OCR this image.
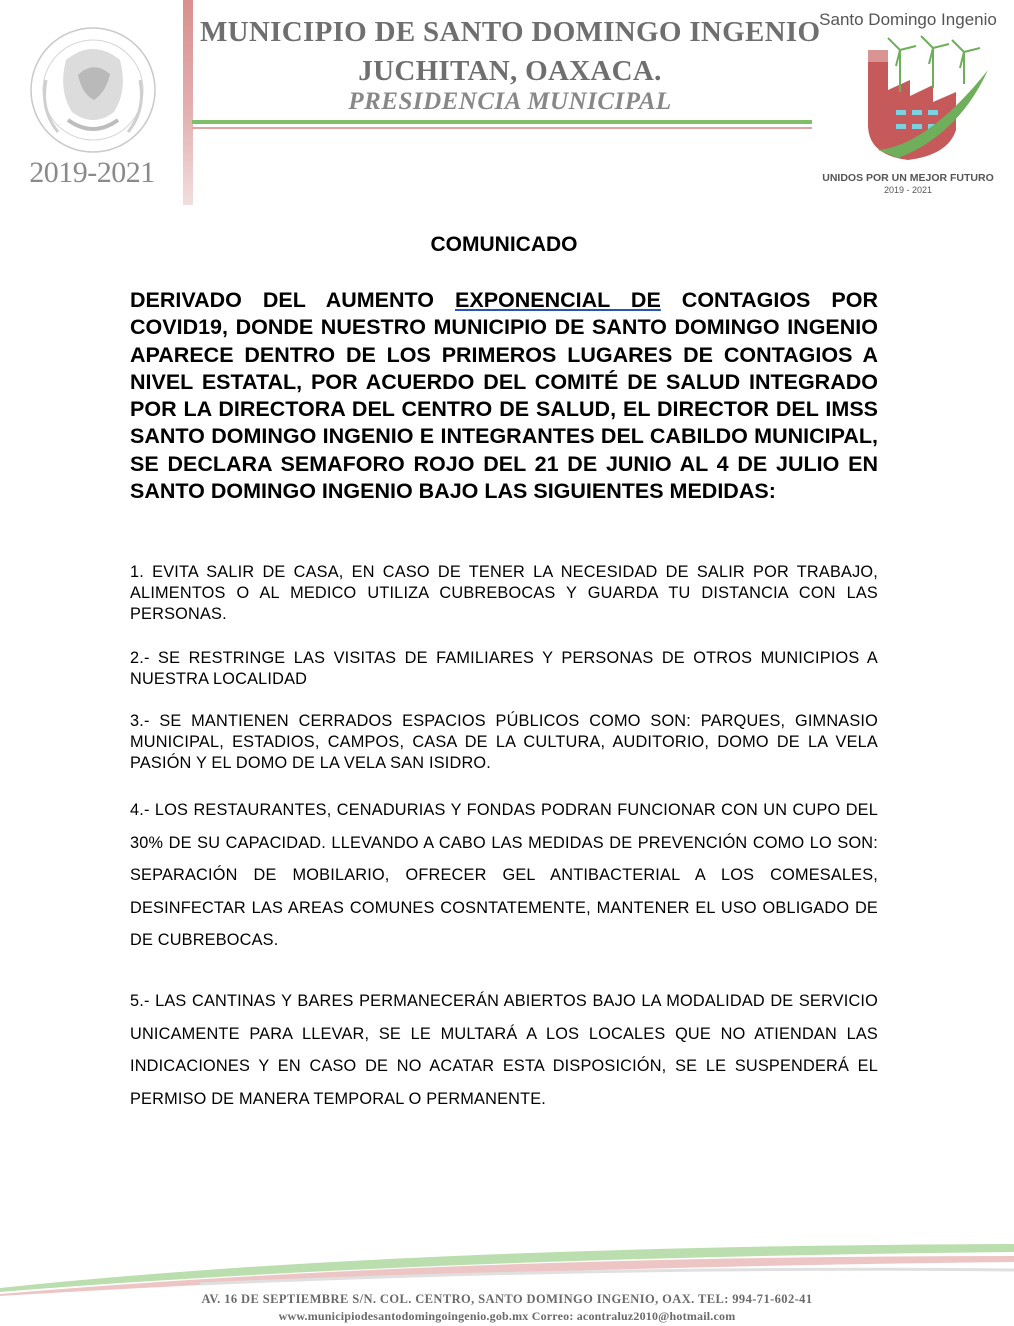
2019-2021
MUNICIPIO DE SANTO DOMINGO INGENIO
JUCHITAN, OAXACA.
PRESIDENCIA MUNICIPAL
Santo Domingo Ingenio
UNIDOS POR UN MEJOR FUTURO
2019 - 2021
COMUNICADO
DERIVADO DEL AUMENTO EXPONENCIAL DE CONTAGIOS POR COVID19, DONDE NUESTRO MUNICIPIO DE SANTO DOMINGO INGENIO APARECE DENTRO DE LOS PRIMEROS LUGARES DE CONTAGIOS A NIVEL ESTATAL, POR ACUERDO DEL COMITÉ DE SALUD INTEGRADO POR LA DIRECTORA DEL CENTRO DE SALUD, EL DIRECTOR DEL IMSS SANTO DOMINGO INGENIO E INTEGRANTES DEL CABILDO MUNICIPAL, SE DECLARA SEMAFORO ROJO DEL 21 DE JUNIO AL 4 DE JULIO EN SANTO DOMINGO INGENIO BAJO LAS SIGUIENTES MEDIDAS:
1. EVITA SALIR DE CASA, EN CASO DE TENER LA NECESIDAD DE SALIR POR TRABAJO, ALIMENTOS O AL MEDICO UTILIZA CUBREBOCAS Y GUARDA TU DISTANCIA CON LAS PERSONAS.
2.- SE RESTRINGE LAS VISITAS DE FAMILIARES Y PERSONAS DE OTROS MUNICIPIOS A NUESTRA LOCALIDAD
3.- SE MANTIENEN CERRADOS ESPACIOS PÚBLICOS COMO SON: PARQUES, GIMNASIO MUNICIPAL, ESTADIOS, CAMPOS, CASA DE LA CULTURA, AUDITORIO, DOMO DE LA VELA PASIÓN Y EL DOMO DE LA VELA SAN ISIDRO.
4.- LOS RESTAURANTES, CENADURIAS Y FONDAS PODRAN FUNCIONAR CON UN CUPO DEL 30% DE SU CAPACIDAD. LLEVANDO A CABO LAS MEDIDAS DE PREVENCIÓN COMO LO SON: SEPARACIÓN DE MOBILARIO, OFRECER GEL ANTIBACTERIAL A LOS COMESALES, DESINFECTAR LAS AREAS COMUNES COSNTATEMENTE, MANTENER EL USO OBLIGADO DE DE CUBREBOCAS.
5.- LAS CANTINAS Y BARES PERMANECERÁN ABIERTOS BAJO LA MODALIDAD DE SERVICIO UNICAMENTE PARA LLEVAR, SE LE MULTARÁ A LOS LOCALES QUE NO ATIENDAN LAS INDICACIONES Y EN CASO DE NO ACATAR ESTA DISPOSICIÓN, SE LE SUSPENDERÁ EL PERMISO DE MANERA TEMPORAL O PERMANENTE.
AV. 16 DE SEPTIEMBRE S/N. COL. CENTRO, SANTO DOMINGO INGENIO, OAX. TEL: 994-71-602-41
www.municipiodesantodomingoingenio.gob.mx Correo: acontraluz2010@hotmail.com
